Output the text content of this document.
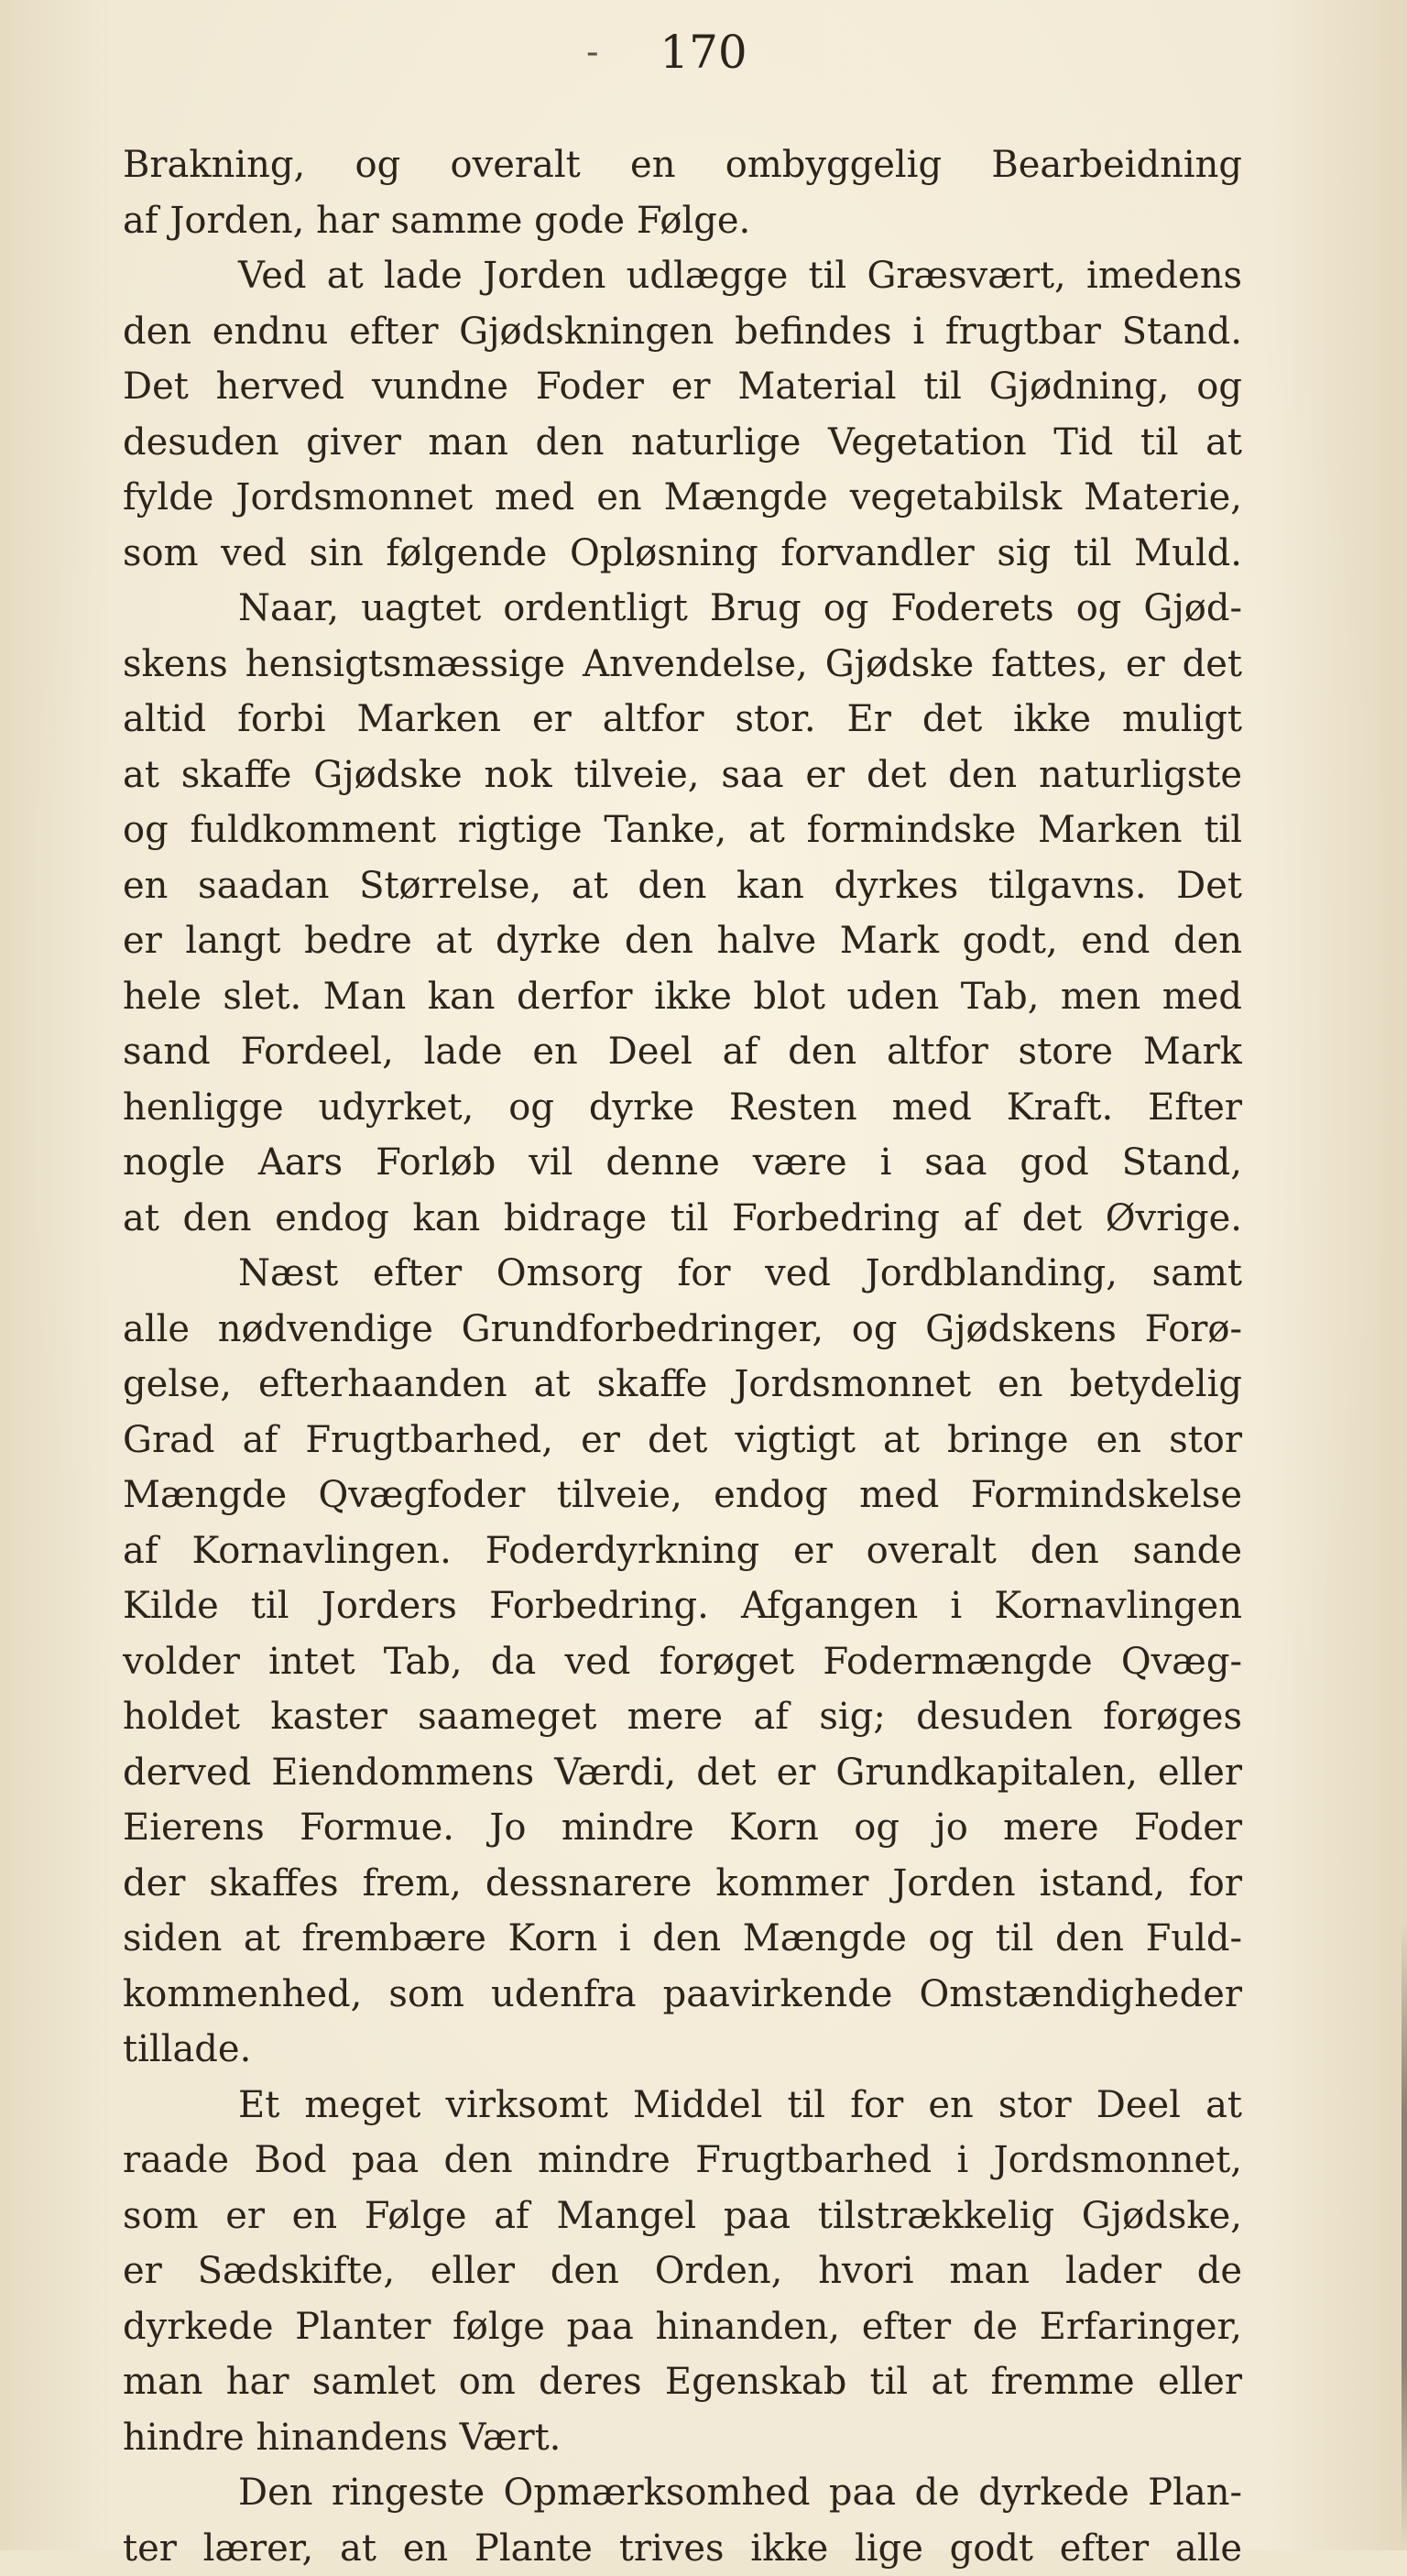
-	170
Brakning, og overalt en ombyggelig Bearbeidning
af Jorden, har samme gode Følge.
Ved at lade Jorden udlægge til Græsvært, imedens
den endnu efter Gjødskningen befindes i frugtbar Stand.
Det herved vundne Foder er Material til Gjødning, og
desuden giver man den naturlige Vegetation Tid til at
fylde Jordsmonnet med en Mængde vegetabilsk Materie,
som ved sin følgende Opløsning forvandler sig til Muld.
Naar, uagtet ordentligt Brug og Foderets og Gjød-
skens hensigtsmæssige Anvendelse, Gjødske fattes, er det
altid forbi Marken er altfor stor. Er det ikke muligt
at skaffe Gjødske nok tilveie, saa er det den naturligste
og fuldkomment rigtige Tanke, at formindske Marken til
en saadan Størrelse, at den kan dyrkes tilgavns. Det
er langt bedre at dyrke den halve Mark godt, end den
hele slet. Man kan derfor ikke blot uden Tab, men med
sand Fordeel, lade en Deel af den altfor store Mark
henligge udyrket, og dyrke Resten med Kraft. Efter
nogle Aars Forløb vil denne være i saa god Stand,
at den endog kan bidrage til Forbedring af det Øvrige.
Næst efter Omsorg for ved Jordblanding, samt
alle nødvendige Grundforbedringer, og Gjødskens Forø-
gelse, efterhaanden at skaffe Jordsmonnet en betydelig
Grad af Frugtbarhed, er det vigtigt at bringe en stor
Mængde Qvægfoder tilveie, endog med Formindskelse
af Kornavlingen. Foderdyrkning er overalt den sande
Kilde til Jorders Forbedring. Afgangen i Kornavlingen
volder intet Tab, da ved forøget Fodermængde Qvæg-
holdet kaster saameget mere af sig; desuden forøges
derved Eiendommens Værdi, det er Grundkapitalen, eller
Eierens Formue. Jo mindre Korn og jo mere Foder
der skaffes frem, dessnarere kommer Jorden istand, for
siden at frembære Korn i den Mængde og til den Fuld-
kommenhed, som udenfra paavirkende Omstændigheder
tillade.
Et meget virksomt Middel til for en stor Deel at
raade Bod paa den mindre Frugtbarhed i Jordsmonnet,
som er en Følge af Mangel paa tilstrækkelig Gjødske,
er Sædskifte, eller den Orden, hvori man lader de
dyrkede Planter følge paa hinanden, efter de Erfaringer,
man har samlet om deres Egenskab til at fremme eller
hindre hinandens Vært.
Den ringeste Opmærksomhed paa de dyrkede Plan-
ter lærer, at en Plante trives ikke lige godt efter alle
